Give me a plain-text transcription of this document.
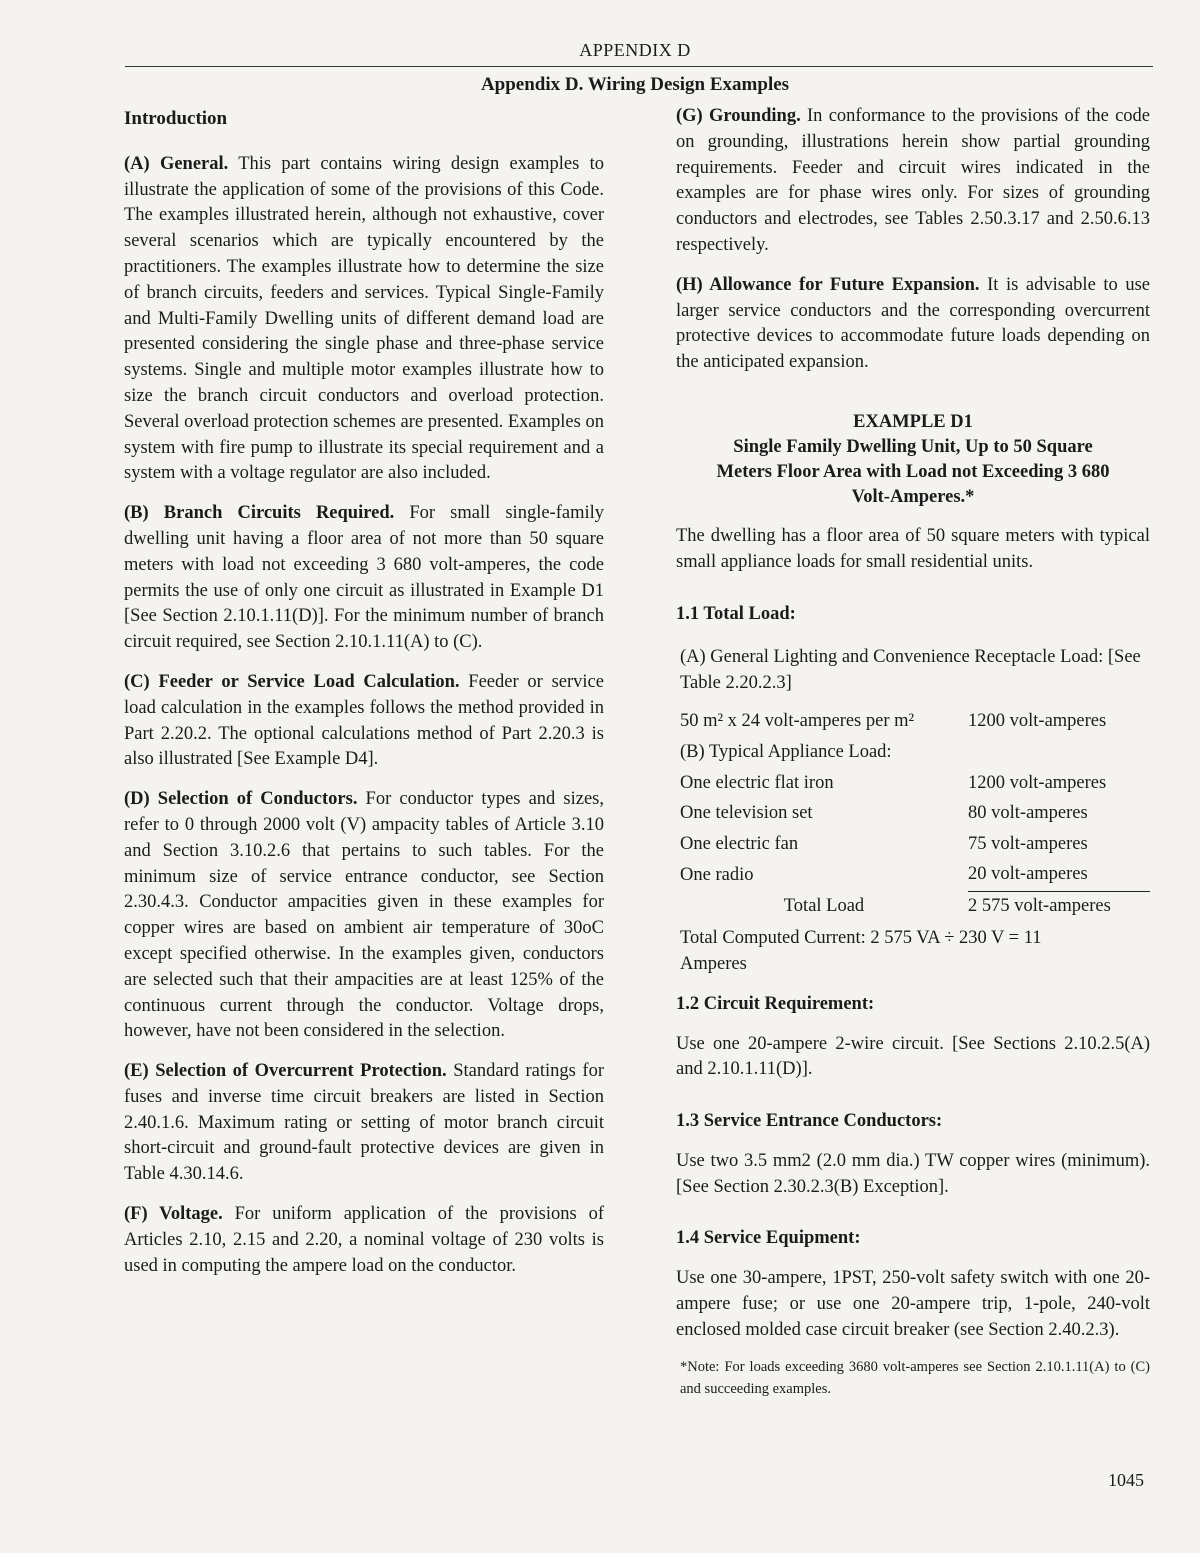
APPENDIX D
Appendix D. Wiring Design Examples
Introduction

(A) General. This part contains wiring design examples to illustrate the application of some of the provisions of this Code. The examples illustrated herein, although not exhaustive, cover several scenarios which are typically encountered by the practitioners. The examples illustrate how to determine the size of branch circuits, feeders and services. Typical Single-Family and Multi-Family Dwelling units of different demand load are presented considering the single phase and three-phase service systems. Single and multiple motor examples illustrate how to size the branch circuit conductors and overload protection. Several overload protection schemes are presented. Examples on system with fire pump to illustrate its special requirement and a system with a voltage regulator are also included.

(B) Branch Circuits Required. For small single-family dwelling unit having a floor area of not more than 50 square meters with load not exceeding 3 680 volt-amperes, the code permits the use of only one circuit as illustrated in Example D1 [See Section 2.10.1.11(D)]. For the minimum number of branch circuit required, see Section 2.10.1.11(A) to (C).

(C) Feeder or Service Load Calculation. Feeder or service load calculation in the examples follows the method provided in Part 2.20.2. The optional calculations method of Part 2.20.3 is also illustrated [See Example D4].

(D) Selection of Conductors. For conductor types and sizes, refer to 0 through 2000 volt (V) ampacity tables of Article 3.10 and Section 3.10.2.6 that pertains to such tables. For the minimum size of service entrance conductor, see Section 2.30.4.3. Conductor ampacities given in these examples for copper wires are based on ambient air temperature of 30oC except specified otherwise. In the examples given, conductors are selected such that their ampacities are at least 125% of the continuous current through the conductor. Voltage drops, however, have not been considered in the selection.

(E) Selection of Overcurrent Protection. Standard ratings for fuses and inverse time circuit breakers are listed in Section 2.40.1.6. Maximum rating or setting of motor branch circuit short-circuit and ground-fault protective devices are given in Table 4.30.14.6.

(F) Voltage. For uniform application of the provisions of Articles 2.10, 2.15 and 2.20, a nominal voltage of 230 volts is used in computing the ampere load on the conductor.

(G) Grounding. In conformance to the provisions of the code on grounding, illustrations herein show partial grounding requirements. Feeder and circuit wires indicated in the examples are for phase wires only. For sizes of grounding conductors and electrodes, see Tables 2.50.3.17 and 2.50.6.13 respectively.

(H) Allowance for Future Expansion. It is advisable to use larger service conductors and the corresponding overcurrent protective devices to accommodate future loads depending on the anticipated expansion.

EXAMPLE D1
Single Family Dwelling Unit, Up to 50 Square
Meters Floor Area with Load not Exceeding 3 680
Volt-Amperes.*

The dwelling has a floor area of 50 square meters with typical small appliance loads for small residential units.

1.1 Total Load:

(A) General Lighting and Convenience Receptacle Load: [See Table 2.20.2.3]

50 m² x 24 volt-amperes per m²	1200 volt-amperes
(B) Typical Appliance Load:	
One electric flat iron	1200 volt-amperes
One television set	80 volt-amperes
One electric fan	75 volt-amperes
One radio	20 volt-amperes
Total Load	2 575 volt-amperes

Total Computed Current: 2 575 VA ÷ 230 V = 11 Amperes

1.2 Circuit Requirement:

Use one 20-ampere 2-wire circuit. [See Sections 2.10.2.5(A) and 2.10.1.11(D)].

1.3 Service Entrance Conductors:

Use two 3.5 mm2 (2.0 mm dia.) TW copper wires (minimum). [See Section 2.30.2.3(B) Exception].

1.4 Service Equipment:

Use one 30-ampere, 1PST, 250-volt safety switch with one 20-ampere fuse; or use one 20-ampere trip, 1-pole, 240-volt enclosed molded case circuit breaker (see Section 2.40.2.3).

*Note: For loads exceeding 3680 volt-amperes see Section 2.10.1.11(A) to (C) and succeeding examples.

1045
